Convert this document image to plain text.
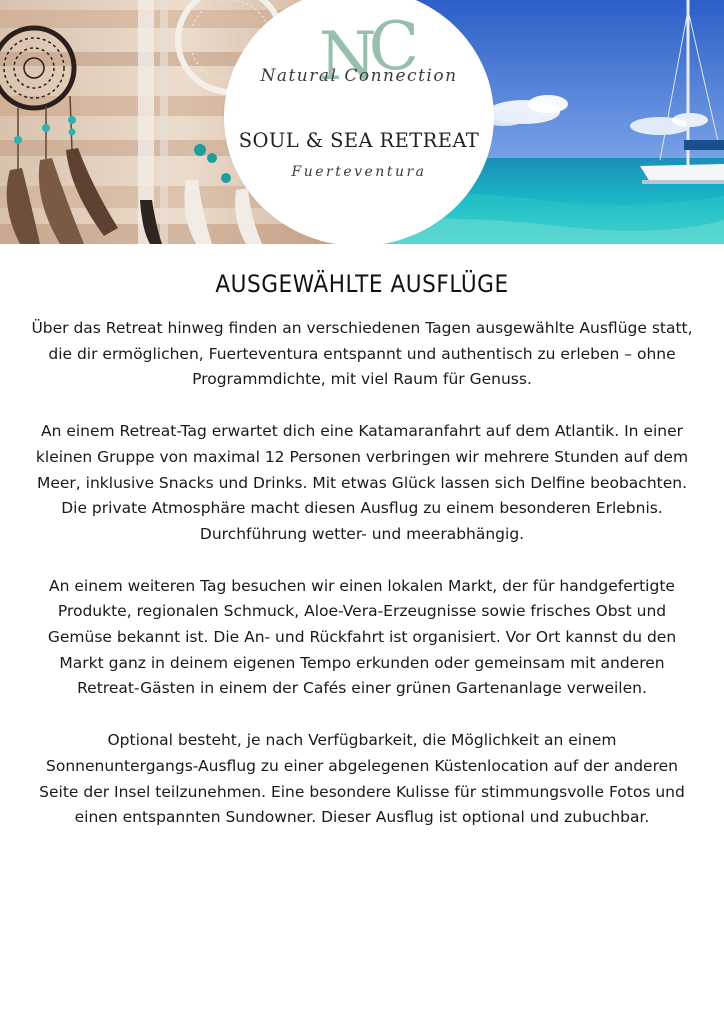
NC
Natural Connection
SOUL & SEA RETREAT
Fuerteventura
AUSGEWÄHLTE AUSFLÜGE

Über das Retreat hinweg finden an verschiedenen Tagen ausgewählte Ausflüge statt, die dir ermöglichen, Fuerteventura entspannt und authentisch zu erleben – ohne Programmdichte, mit viel Raum für Genuss.

An einem Retreat-Tag erwartet dich eine Katamaranfahrt auf dem Atlantik. In einer kleinen Gruppe von maximal 12 Personen verbringen wir mehrere Stunden auf dem Meer, inklusive Snacks und Drinks. Mit etwas Glück lassen sich Delfine beobachten. Die private Atmosphäre macht diesen Ausflug zu einem besonderen Erlebnis. Durchführung wetter- und meerabhängig.

An einem weiteren Tag besuchen wir einen lokalen Markt, der für handgefertigte Produkte, regionalen Schmuck, Aloe-Vera-Erzeugnisse sowie frisches Obst und Gemüse bekannt ist. Die An- und Rückfahrt ist organisiert. Vor Ort kannst du den Markt ganz in deinem eigenen Tempo erkunden oder gemeinsam mit anderen Retreat-Gästen in einem der Cafés einer grünen Gartenanlage verweilen.

Optional besteht, je nach Verfügbarkeit, die Möglichkeit an einem Sonnenuntergangs-Ausflug zu einer abgelegenen Küstenlocation auf der anderen Seite der Insel teilzunehmen. Eine besondere Kulisse für stimmungsvolle Fotos und einen entspannten Sundowner. Dieser Ausflug ist optional und zubuchbar.
